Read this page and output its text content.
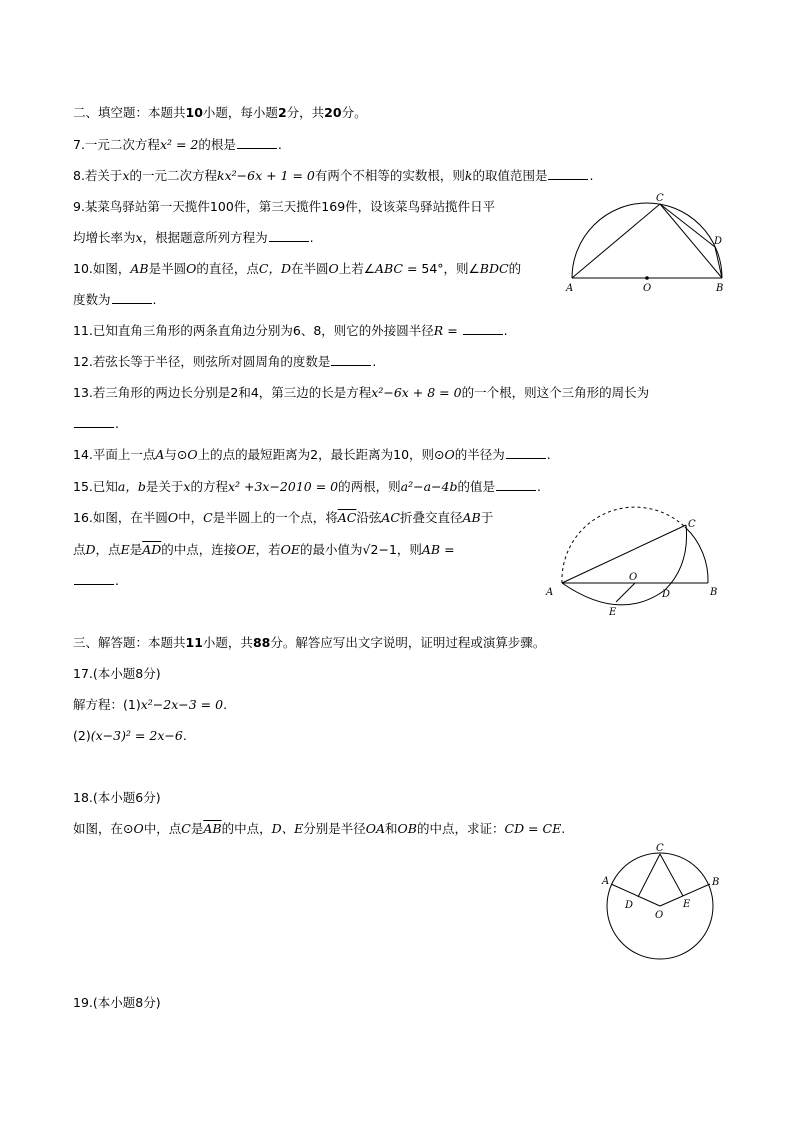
二、填空题：本题共10小题，每小题2分，共20分。
7.一元二次方程x² = 2的根是	.
8.若关于x的一元二次方程kx²−6x + 1 = 0有两个不相等的实数根，则k的取值范围是	.
9.某菜鸟驿站第一天揽件100件，第三天揽件169件，设该菜鸟驿站揽件日平
均增长率为x，根据题意所列方程为	.
10.如图，AB是半圆O的直径，点C，D在半圆O上若∠ABC = 54°，则∠BDC的
度数为	.
A	O	B
C
D
11.已知直角三角形的两条直角边分别为6、8，则它的外接圆半径R =	.
12.若弦长等于半径，则弦所对圆周角的度数是	.
13.若三角形的两边长分别是2和4，第三边的长是方程x²−6x + 8 = 0的一个根，则这个三角形的周长为
.
14.平面上一点A与⊙O上的点的最短距离为2，最长距离为10，则⊙O的半径为	.
15.已知a，b是关于x的方程x² +3x−2010 = 0的两根，则a²−a−4b的值是	.
16.如图，在半圆O中，C是半圆上的一个点，将$\overline{AC}$沿弦AC折叠交直径AB于
点D，点E是$\overline{AD}$的中点，连接OE，若OE的最小值为√2−1，则AB =
.
A
O
B
C
D
E
三、解答题：本题共11小题，共88分。解答应写出文字说明，证明过程或演算步骤。
17.(本小题8分)
解方程：(1)x²−2x−3 = 0.
(2)(x−3)² = 2x−6.
18.(本小题6分)
如图，在⊙O中，点C是$\overline{AB}$的中点，D、E分别是半径OA和OB的中点，求证：CD = CE.
A	B
C
D	E
O
19.(本小题8分)
